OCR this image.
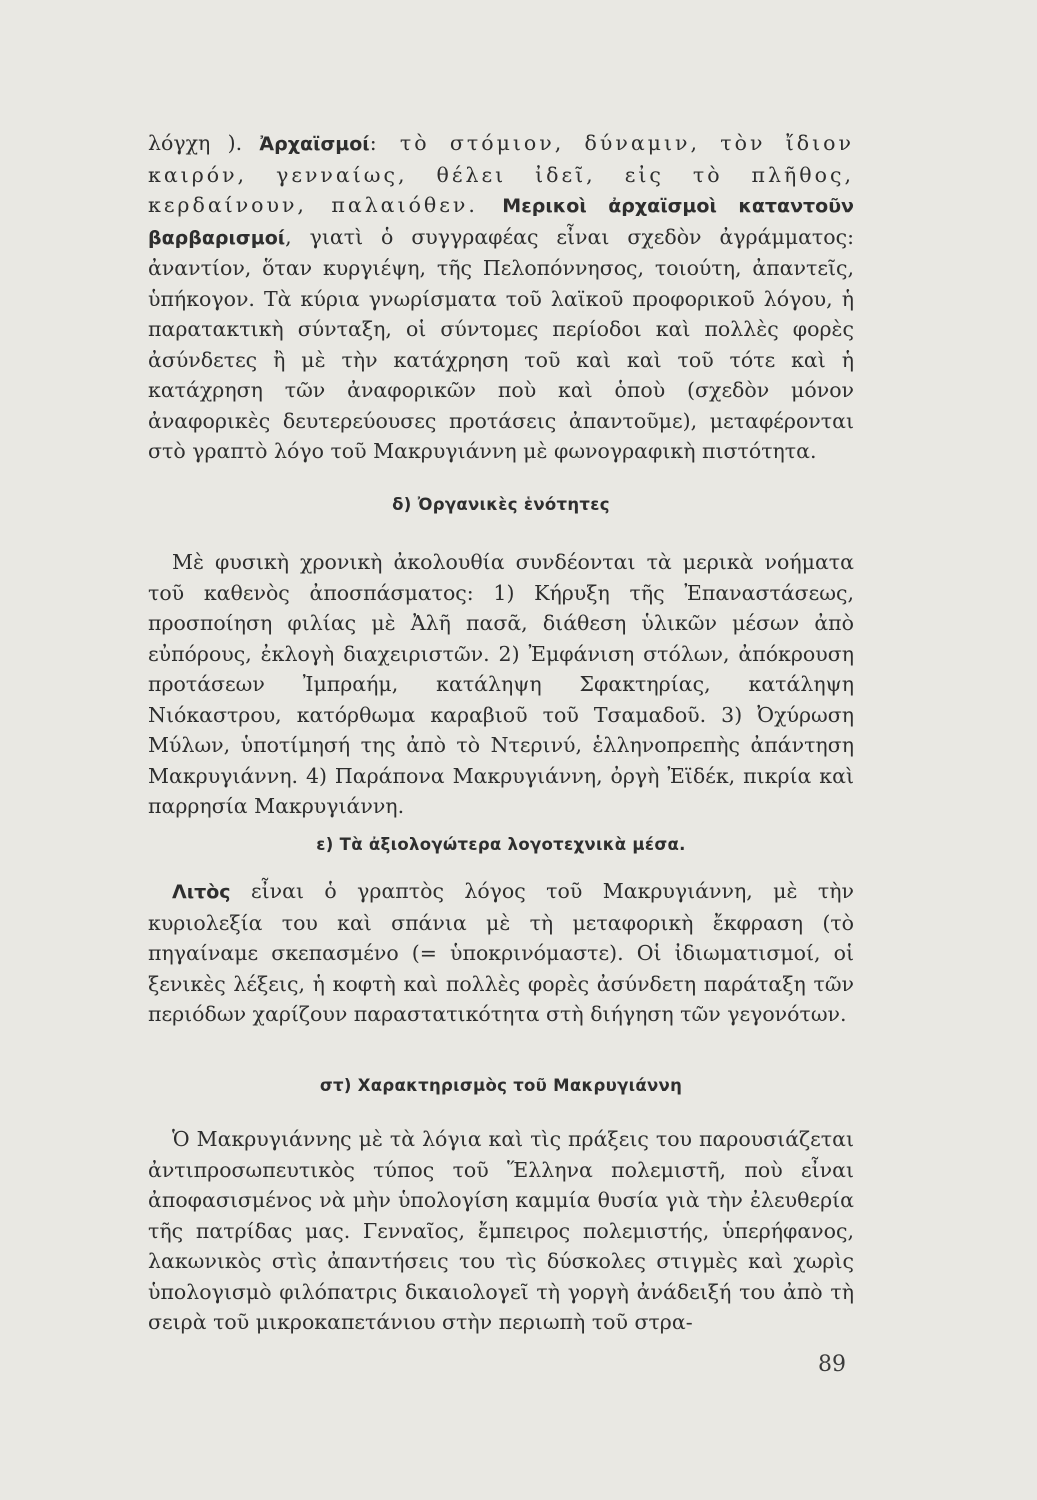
λόγχη ). Ἀρχαϊσμοί: τὸ στόμιον, δύναμιν, τὸν ἴδιον καιρόν, γενναίως, θέλει ἰδεῖ, εἰς τὸ πλῆθος, κερδαίνουν, παλαιόθεν. Μερικοὶ ἀρχαϊσμοὶ καταντοῦν βαρβαρισμοί, γιατὶ ὁ συγγραφέας εἶναι σχεδὸν ἀγράμματος: ἀναντίον, ὅταν κυργιέψη, τῆς Πελοπόννησος, τοιούτη, ἀπαντεῖς, ὑπήκογον. Τὰ κύρια γνωρίσματα τοῦ λαϊκοῦ προφορικοῦ λόγου, ἡ παρατακτικὴ σύνταξη, οἱ σύντομες περίοδοι καὶ πολλὲς φορὲς ἀσύνδετες ἢ μὲ τὴν κατάχρηση τοῦ καὶ καὶ τοῦ τότε καὶ ἡ κατάχρηση τῶν ἀναφορικῶν ποὺ καὶ ὁποὺ (σχεδὸν μόνον ἀναφορικὲς δευτερεύουσες προτάσεις ἀπαντοῦμε), μεταφέρονται στὸ γραπτὸ λόγο τοῦ Μακρυγιάννη μὲ φωνογραφικὴ πιστότητα.
δ) Ὀργανικὲς ἑνότητες
Μὲ φυσικὴ χρονικὴ ἀκολουθία συνδέονται τὰ μερικὰ νοήματα τοῦ καθενὸς ἀποσπάσματος: 1) Κήρυξη τῆς Ἐπαναστάσεως, προσποίηση φιλίας μὲ Ἀλῆ πασᾶ, διάθεση ὑλικῶν μέσων ἀπὸ εὐπόρους, ἐκλογὴ διαχειριστῶν. 2) Ἐμφάνιση στόλων, ἀπόκρουση προτάσεων Ἰμπραήμ, κατάληψη Σφακτηρίας, κατάληψη Νιόκαστρου, κατόρθωμα καραβιοῦ τοῦ Τσαμαδοῦ. 3) Ὀχύρωση Μύλων, ὑποτίμησή της ἀπὸ τὸ Ντερινύ, ἑλληνοπρεπὴς ἀπάντηση Μακρυγιάννη. 4) Παράπονα Μακρυγιάννη, ὀργὴ Ἐϊδέκ, πικρία καὶ παρρησία Μακρυγιάννη.
ε) Τὰ ἀξιολογώτερα λογοτεχνικὰ μέσα.
Λιτὸς εἶναι ὁ γραπτὸς λόγος τοῦ Μακρυγιάννη, μὲ τὴν κυριολεξία του καὶ σπάνια μὲ τὴ μεταφορικὴ ἔκφραση (τὸ πηγαίναμε σκεπασμένο (= ὑποκρινόμαστε). Οἱ ἰδιωματισμοί, οἱ ξενικὲς λέξεις, ἡ κοφτὴ καὶ πολλὲς φορὲς ἀσύνδετη παράταξη τῶν περιόδων χαρίζουν παραστατικότητα στὴ διήγηση τῶν γεγονότων.
στ) Χαρακτηρισμὸς τοῦ Μακρυγιάννη
Ὁ Μακρυγιάννης μὲ τὰ λόγια καὶ τὶς πράξεις του παρουσιάζεται ἀντιπροσωπευτικὸς τύπος τοῦ Ἕλληνα πολεμιστῆ, ποὺ εἶναι ἀποφασισμένος νὰ μὴν ὑπολογίση καμμία θυσία γιὰ τὴν ἐλευθερία τῆς πατρίδας μας. Γενναῖος, ἔμπειρος πολεμιστής, ὑπερήφανος, λακωνικὸς στὶς ἀπαντήσεις του τὶς δύσκολες στιγμὲς καὶ χωρὶς ὑπολογισμὸ φιλόπατρις δικαιολογεῖ τὴ γοργὴ ἀνάδειξή του ἀπὸ τὴ σειρὰ τοῦ μικροκαπετάνιου στὴν περιωπὴ τοῦ στρα-
89
